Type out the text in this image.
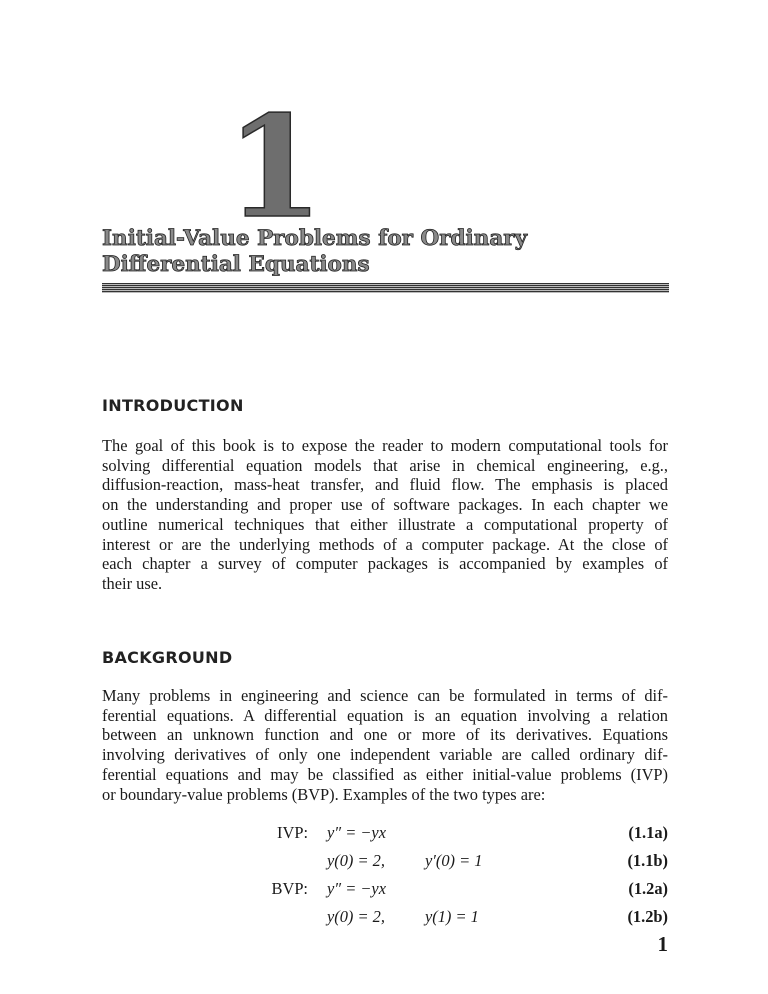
1
Initial-Value Problems for Ordinary
Differential Equations
INTRODUCTION
The goal of this book is to expose the reader to modern computational tools for
solving differential equation models that arise in chemical engineering, e.g.,
diffusion-reaction, mass-heat transfer, and fluid flow. The emphasis is placed
on the understanding and proper use of software packages. In each chapter we
outline numerical techniques that either illustrate a computational property of
interest or are the underlying methods of a computer package. At the close of
each chapter a survey of computer packages is accompanied by examples of
their use.
BACKGROUND
Many problems in engineering and science can be formulated in terms of dif-
ferential equations. A differential equation is an equation involving a relation
between an unknown function and one or more of its derivatives. Equations
involving derivatives of only one independent variable are called ordinary dif-
ferential equations and may be classified as either initial-value problems (IVP)
or boundary-value problems (BVP). Examples of the two types are:
IVP: y″ = −yx	(1.1a)
y(0) = 2, y′(0) = 1	(1.1b)
BVP: y″ = −yx	(1.2a)
y(0) = 2, y(1) = 1	(1.2b)
1
